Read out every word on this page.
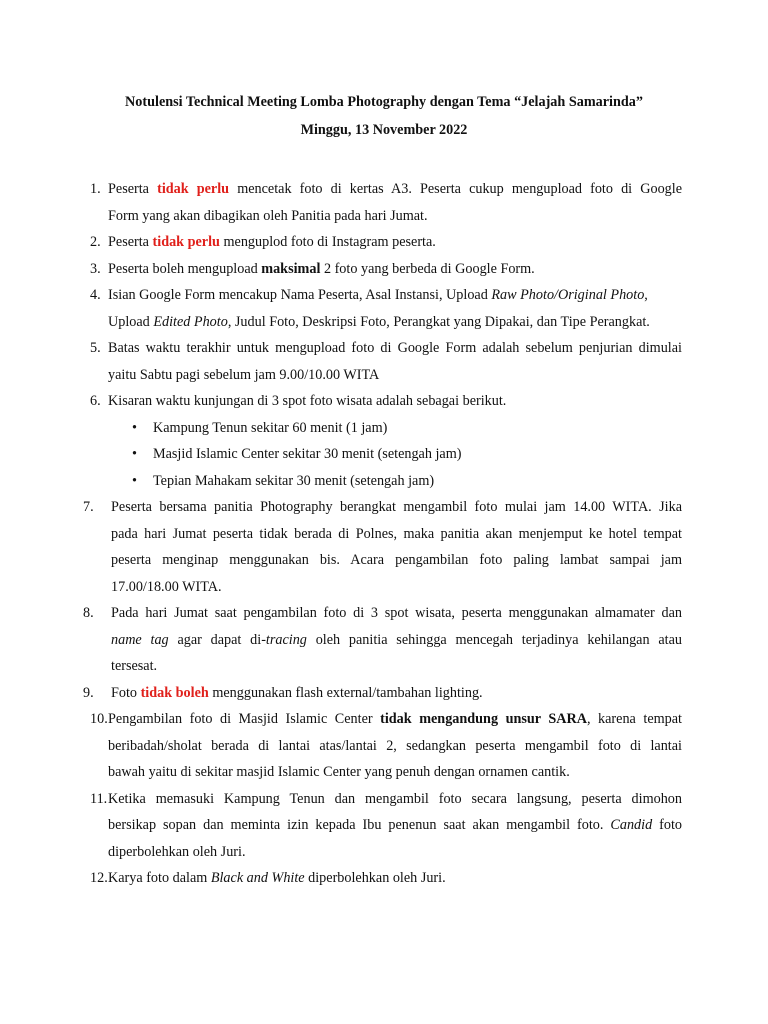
Notulensi Technical Meeting Lomba Photography dengan Tema “Jelajah Samarinda”
Minggu, 13 November 2022
1. Peserta tidak perlu mencetak foto di kertas A3. Peserta cukup mengupload foto di Google
Form yang akan dibagikan oleh Panitia pada hari Jumat.
2. Peserta tidak perlu menguplod foto di Instagram peserta.
3. Peserta boleh mengupload maksimal 2 foto yang berbeda di Google Form.
4. Isian Google Form mencakup Nama Peserta, Asal Instansi, Upload Raw Photo/Original Photo,
Upload Edited Photo, Judul Foto, Deskripsi Foto, Perangkat yang Dipakai, dan Tipe Perangkat.
5. Batas waktu terakhir untuk mengupload foto di Google Form adalah sebelum penjurian dimulai
yaitu Sabtu pagi sebelum jam 9.00/10.00 WITA
6. Kisaran waktu kunjungan di 3 spot foto wisata adalah sebagai berikut.
• Kampung Tenun sekitar 60 menit (1 jam)
• Masjid Islamic Center sekitar 30 menit (setengah jam)
• Tepian Mahakam sekitar 30 menit (setengah jam)
7. Peserta bersama panitia Photography berangkat mengambil foto mulai jam 14.00 WITA. Jika
pada hari Jumat peserta tidak berada di Polnes, maka panitia akan menjemput ke hotel tempat
peserta menginap menggunakan bis. Acara pengambilan foto paling lambat sampai jam
17.00/18.00 WITA.
8. Pada hari Jumat saat pengambilan foto di 3 spot wisata, peserta menggunakan almamater dan
name tag agar dapat di-tracing oleh panitia sehingga mencegah terjadinya kehilangan atau
tersesat.
9. Foto tidak boleh menggunakan flash external/tambahan lighting.
10. Pengambilan foto di Masjid Islamic Center tidak mengandung unsur SARA, karena tempat
beribadah/sholat berada di lantai atas/lantai 2, sedangkan peserta mengambil foto di lantai
bawah yaitu di sekitar masjid Islamic Center yang penuh dengan ornamen cantik.
11. Ketika memasuki Kampung Tenun dan mengambil foto secara langsung, peserta dimohon
bersikap sopan dan meminta izin kepada Ibu penenun saat akan mengambil foto. Candid foto
diperbolehkan oleh Juri.
12. Karya foto dalam Black and White diperbolehkan oleh Juri.
